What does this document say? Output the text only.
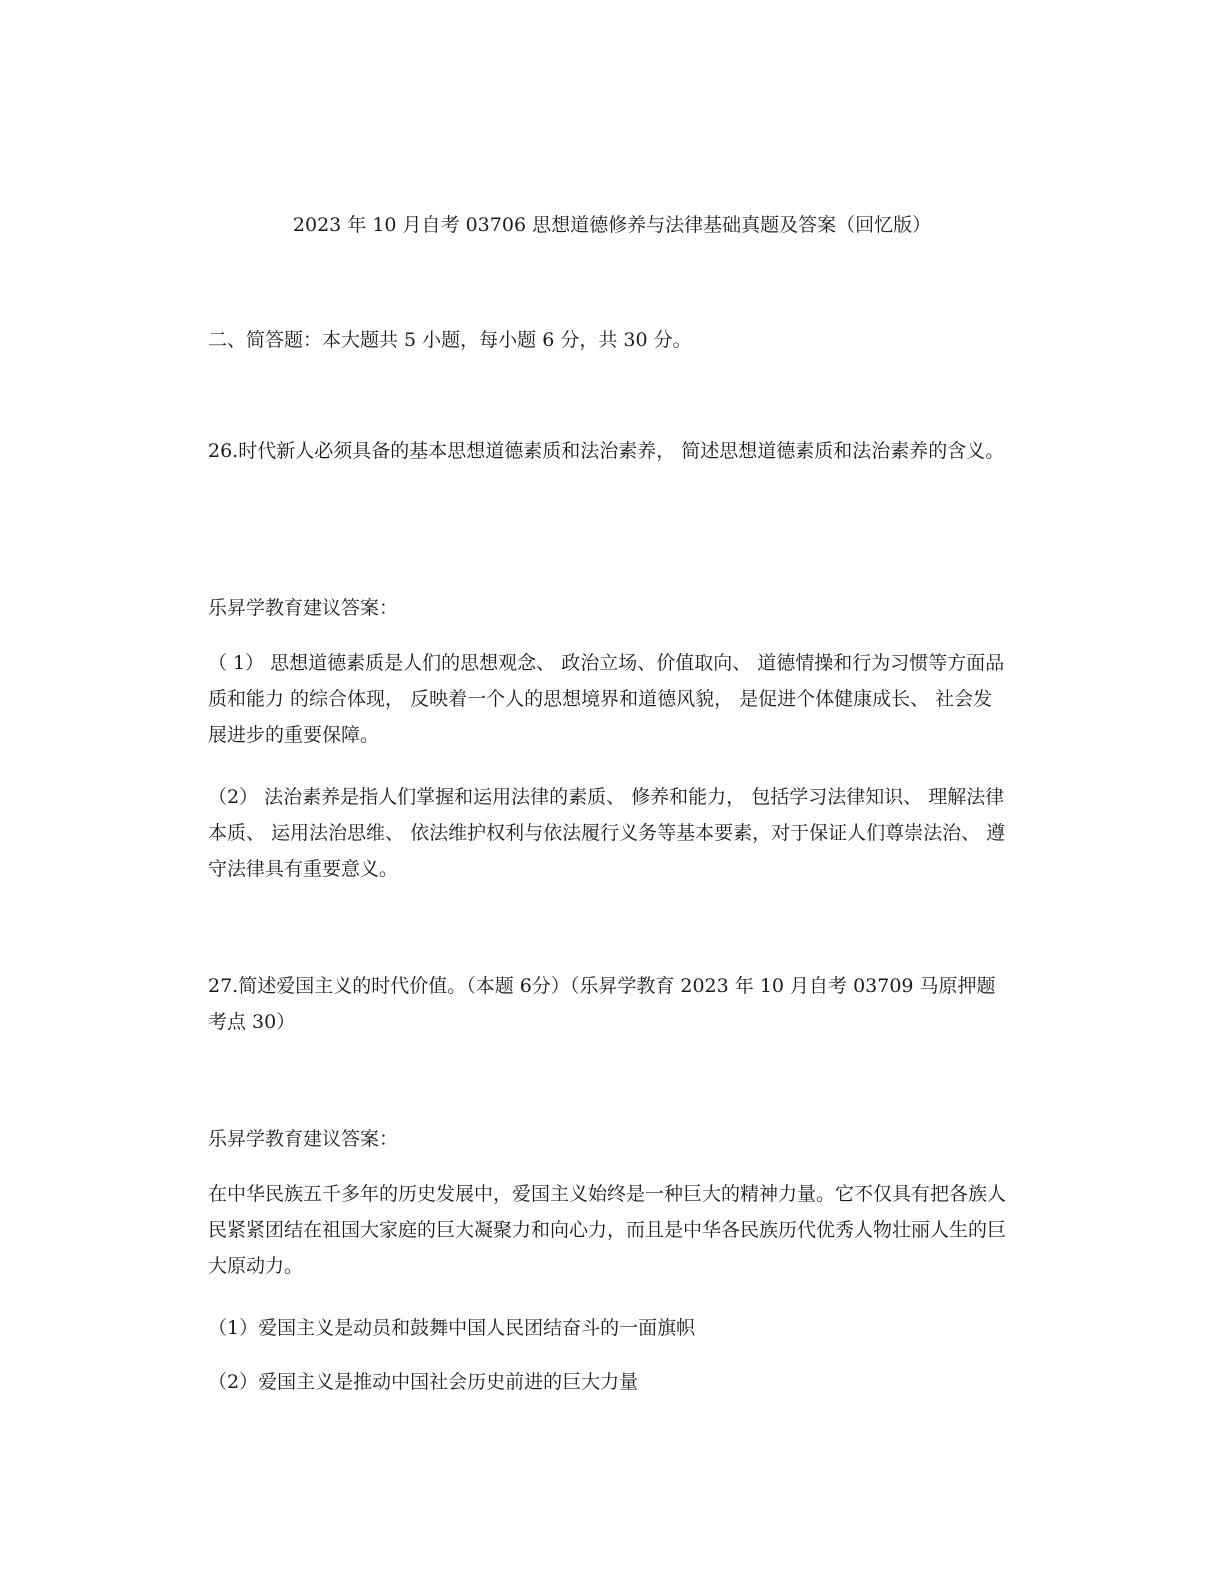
2023 年 10 月自考 03706 思想道德修养与法律基础真题及答案（回忆版）

二、简答题：本大题共 5 小题，每小题 6 分，共 30 分。

26.时代新人必须具备的基本思想道德素质和法治素养， 简述思想道德素质和法治素养的含义。

乐昇学教育建议答案：

（ 1） 思想道德素质是人们的思想观念、 政治立场、价值取向、 道德情操和行为习惯等方面品质和能力 的综合体现， 反映着一个人的思想境界和道德风貌， 是促进个体健康成长、 社会发展进步的重要保障。

（2） 法治素养是指人们掌握和运用法律的素质、 修养和能力， 包括学习法律知识、 理解法律本质、 运用法治思维、 依法维护权利与依法履行义务等基本要素，对于保证人们尊崇法治、 遵守法律具有重要意义。

27.简述爱国主义的时代价值。（本题 6分）（乐昇学教育 2023 年 10 月自考 03709 马原押题考点 30）

乐昇学教育建议答案：

在中华民族五千多年的历史发展中，爱国主义始终是一种巨大的精神力量。它不仅具有把各族人民紧紧团结在祖国大家庭的巨大凝聚力和向心力，而且是中华各民族历代优秀人物壮丽人生的巨大原动力。

（1）爱国主义是动员和鼓舞中国人民团结奋斗的一面旗帜

（2）爱国主义是推动中国社会历史前进的巨大力量
